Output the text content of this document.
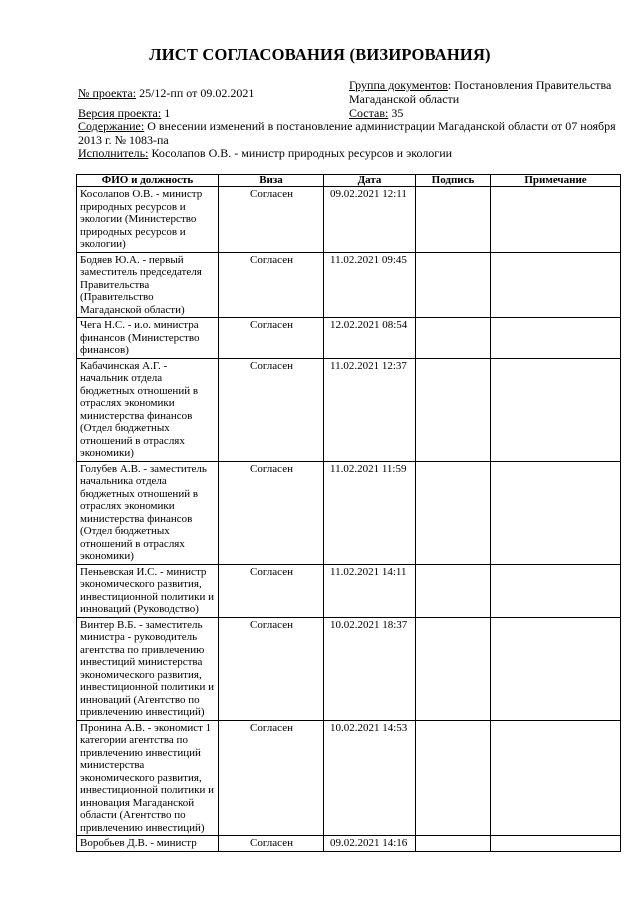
ЛИСТ СОГЛАСОВАНИЯ (ВИЗИРОВАНИЯ)
№ проекта: 25/12-пп от 09.02.2021
Группа документов: Постановления Правительства
Магаданской области
Версия проекта: 1	Состав: 35
Содержание: О внесении изменений в постановление администрации Магаданской области от 07 ноября
2013 г. № 1083-па
Исполнитель: Косолапов О.В. - министр природных ресурсов и экологии
ФИО и должность	Виза	Дата	Подпись	Примечание
Косолапов О.В. - министр природных ресурсов и экологии (Министерство природных ресурсов и экологии)	Согласен	09.02.2021 12:11		
Бодяев Ю.А. - первый заместитель председателя Правительства (Правительство Магаданской области)	Согласен	11.02.2021 09:45		
Чега Н.С. - и.о. министра финансов (Министерство финансов)	Согласен	12.02.2021 08:54		
Кабачинская А.Г. - начальник отдела бюджетных отношений в отраслях экономики министерства финансов (Отдел бюджетных отношений в отраслях экономики)	Согласен	11.02.2021 12:37		
Голубев А.В. - заместитель начальника отдела бюджетных отношений в отраслях экономики министерства финансов (Отдел бюджетных отношений в отраслях экономики)	Согласен	11.02.2021 11:59		
Пеньевская И.С. - министр экономического развития, инвестиционной политики и инноваций (Руководство)	Согласен	11.02.2021 14:11		
Винтер В.Б. - заместитель министра - руководитель агентства по привлечению инвестиций министерства экономического развития, инвестиционной политики и инноваций (Агентство по привлечению инвестиций)	Согласен	10.02.2021 18:37		
Пронина А.В. - экономист 1 категории агентства по привлечению инвестиций министерства экономического развития, инвестиционной политики и инновация Магаданской области (Агентство по привлечению инвестиций)	Согласен	10.02.2021 14:53		
Воробьев Д.В. - министр	Согласен	09.02.2021 14:16		
